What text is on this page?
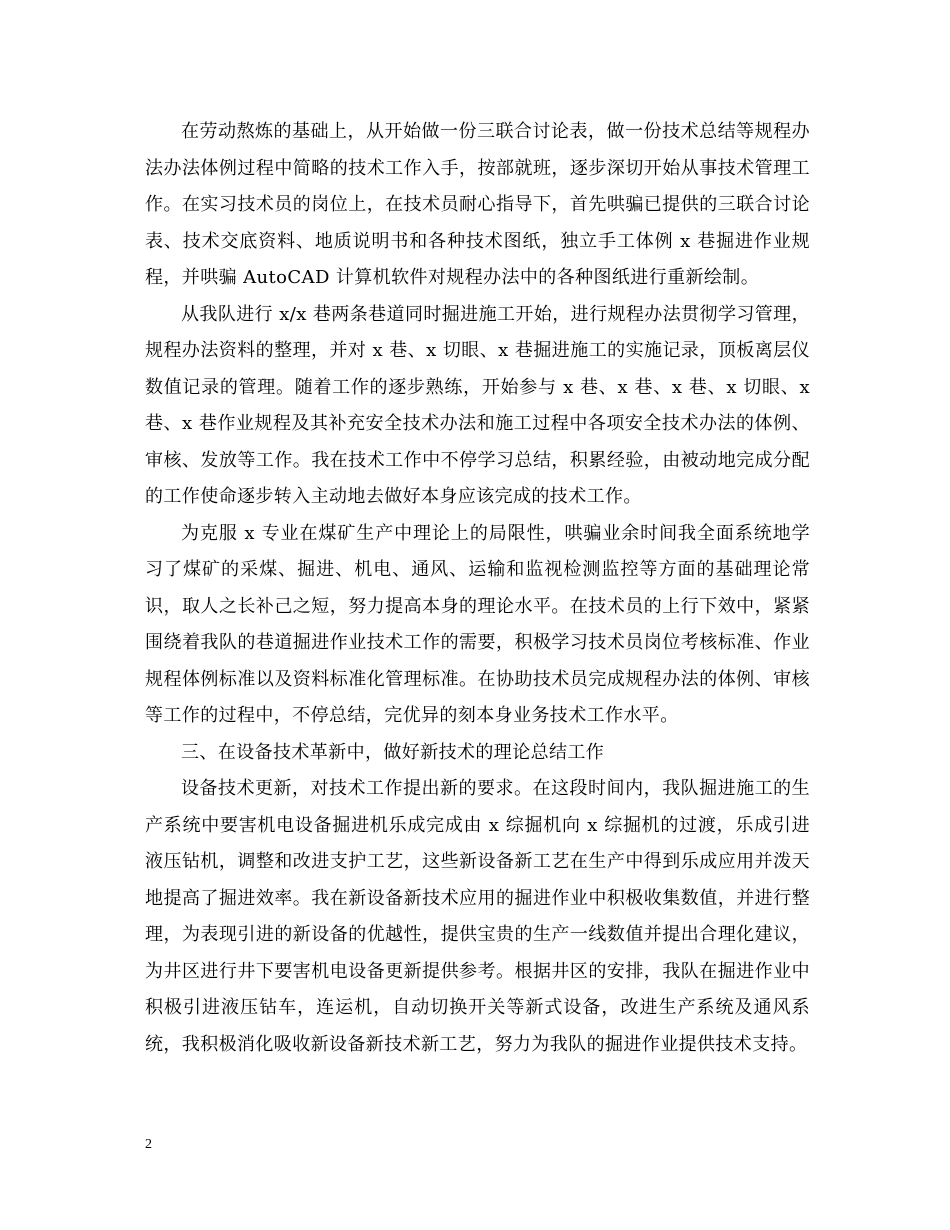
在劳动熬炼的基础上，从开始做一份三联合讨论表，做一份技术总结等规程办法办法体例过程中简略的技术工作入手，按部就班，逐步深切开始从事技术管理工作。在实习技术员的岗位上，在技术员耐心指导下，首先哄骗已提供的三联合讨论表、技术交底资料、地质说明书和各种技术图纸，独立手工体例 x 巷掘进作业规程，并哄骗 AutoCAD 计算机软件对规程办法中的各种图纸进行重新绘制。

从我队进行 x/x 巷两条巷道同时掘进施工开始，进行规程办法贯彻学习管理，规程办法资料的整理，并对 x 巷、x 切眼、x 巷掘进施工的实施记录，顶板离层仪数值记录的管理。随着工作的逐步熟练，开始参与 x 巷、x 巷、x 巷、x 切眼、x 巷、x 巷作业规程及其补充安全技术办法和施工过程中各项安全技术办法的体例、审核、发放等工作。我在技术工作中不停学习总结，积累经验，由被动地完成分配的工作使命逐步转入主动地去做好本身应该完成的技术工作。

为克服 x 专业在煤矿生产中理论上的局限性，哄骗业余时间我全面系统地学习了煤矿的采煤、掘进、机电、通风、运输和监视检测监控等方面的基础理论常识，取人之长补己之短，努力提高本身的理论水平。在技术员的上行下效中，紧紧围绕着我队的巷道掘进作业技术工作的需要，积极学习技术员岗位考核标准、作业规程体例标准以及资料标准化管理标准。在协助技术员完成规程办法的体例、审核等工作的过程中，不停总结，完优异的刻本身业务技术工作水平。

三、在设备技术革新中，做好新技术的理论总结工作

设备技术更新，对技术工作提出新的要求。在这段时间内，我队掘进施工的生产系统中要害机电设备掘进机乐成完成由 x 综掘机向 x 综掘机的过渡，乐成引进液压钻机，调整和改进支护工艺，这些新设备新工艺在生产中得到乐成应用并泼天地提高了掘进效率。我在新设备新技术应用的掘进作业中积极收集数值，并进行整理，为表现引进的新设备的优越性，提供宝贵的生产一线数值并提出合理化建议，为井区进行井下要害机电设备更新提供参考。根据井区的安排，我队在掘进作业中积极引进液压钻车，连运机，自动切换开关等新式设备，改进生产系统及通风系统，我积极消化吸收新设备新技术新工艺，努力为我队的掘进作业提供技术支持。

2
